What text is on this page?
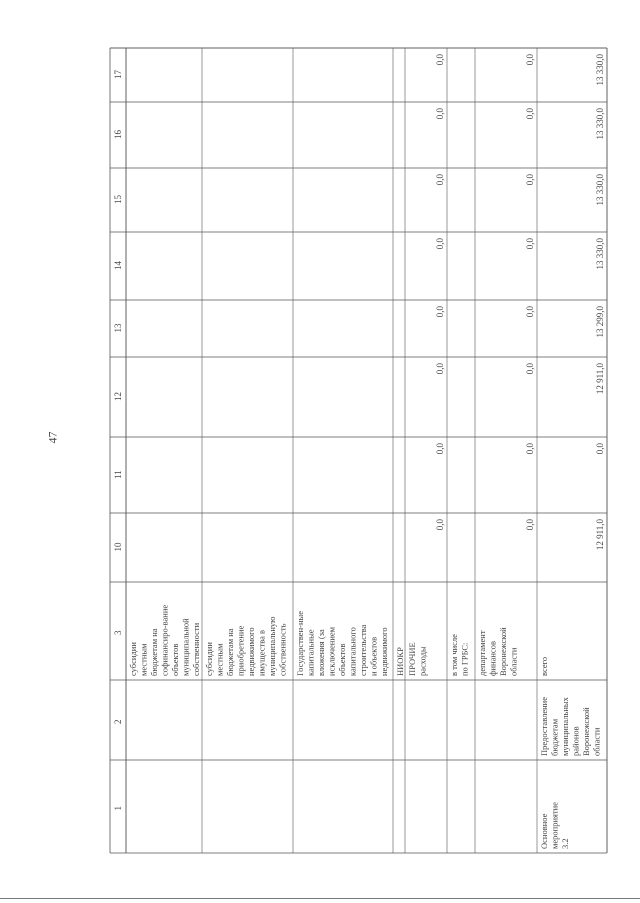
47
1
2
3
10
11
12
13
14
15
16
17
субсидии местным бюджетам на софинансиро-вание объектов муниципальной собственности субсидии местным бюджетам на приобретение недвижимого имущества в муниципальную собственность Государствен-ные капитальные вложения (за исключением объектов капитального строительства и объектов недвижимого НИОКР ПРОЧИЕ расходы
0,0
0,0
0,0
0,0
0,0
0,0
0,0
0,0
в том числе по ГРБС: департамент финансов Воронежской области
0,0
0,0
0,0
0,0
0,0
0,0
0,0
0,0
всего
Основное мероприятие 3.2
Предоставление бюджетам муниципальных районов Воронежской области
12 911,0
0,0
12 911,0
13 299,0
13 330,0
13 330,0
13 330,0
13 330,0
